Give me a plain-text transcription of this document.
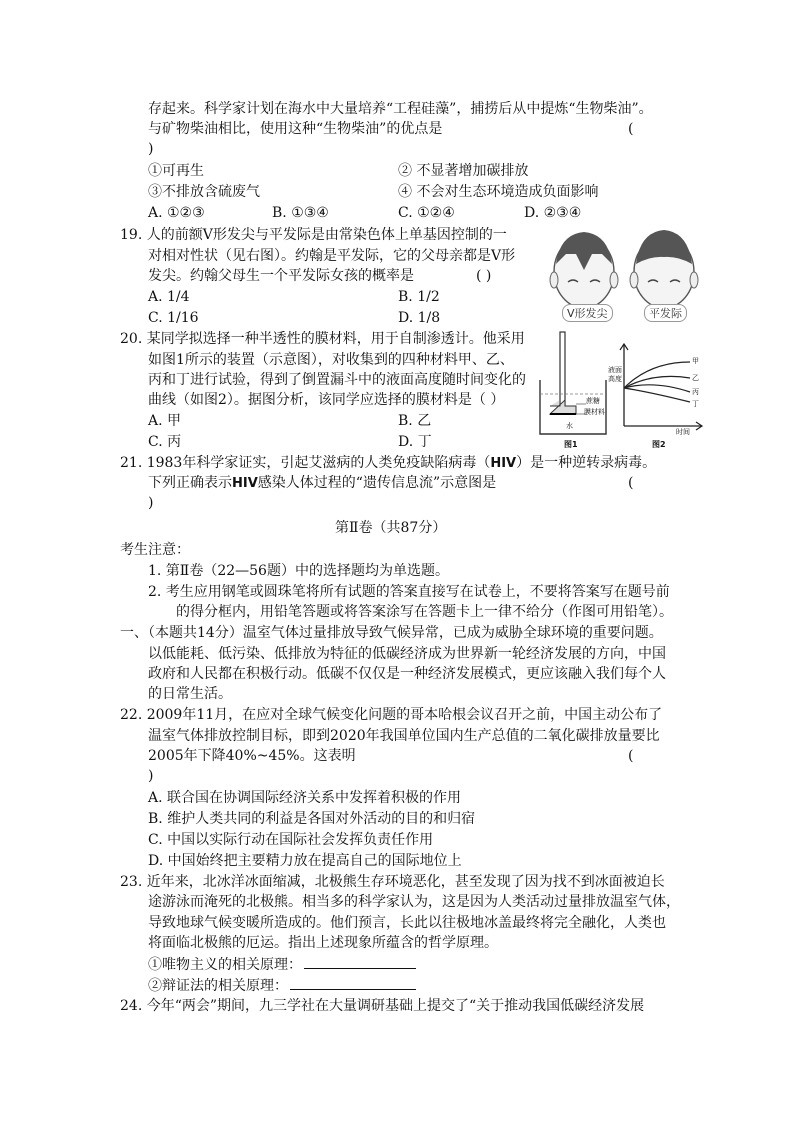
存起来。科学家计划在海水中大量培养“工程硅藻”，捕捞后从中提炼“生物柴油”。
与矿物柴油相比，使用这种“生物柴油”的优点是	(
)
①可再生	② 不显著增加碳排放
③不排放含硫废气	④ 不会对生态环境造成负面影响
A. ①②③	B. ①③④	C. ①②④	D. ②③④
19. 人的前额V形发尖与平发际是由常染色体上单基因控制的一
对相对性状（见右图）。约翰是平发际，它的父母亲都是V形
发尖。约翰父母生一个平发际女孩的概率是	( )
A. 1/4	B. 1/2
C. 1/16	D. 1/8	V形发尖	平发际
20. 某同学拟选择一种半透性的膜材料，用于自制渗透计。他采用
如图1所示的装置（示意图），对收集到的四种材料甲、乙、
丙和丁进行试验，得到了倒置漏斗中的液面高度随时间变化的
曲线（如图2）。据图分析，该同学应选择的膜材料是（ ）
A. 甲	B. 乙
C. 丙	D. 丁
蔗糖
膜材料
水
图1
液面
高度
甲
乙
丙
丁
时间
图2
21. 1983年科学家证实，引起艾滋病的人类免疫缺陷病毒（HIV）是一种逆转录病毒。
下列正确表示HIV感染人体过程的“遗传信息流”示意图是	(
)
第Ⅱ卷（共87分）
考生注意：
1. 第Ⅱ卷（22—56题）中的选择题均为单选题。
2. 考生应用钢笔或圆珠笔将所有试题的答案直接写在试卷上，不要将答案写在题号前
的得分框内，用铅笔答题或将答案涂写在答题卡上一律不给分（作图可用铅笔）。
一、（本题共14分）温室气体过量排放导致气候异常，已成为威胁全球环境的重要问题。
以低能耗、低污染、低排放为特征的低碳经济成为世界新一轮经济发展的方向，中国
政府和人民都在积极行动。低碳不仅仅是一种经济发展模式，更应该融入我们每个人
的日常生活。
22. 2009年11月，在应对全球气候变化问题的哥本哈根会议召开之前，中国主动公布了
温室气体排放控制目标，即到2020年我国单位国内生产总值的二氧化碳排放量要比
2005年下降40%~45%。这表明	(
)
A. 联合国在协调国际经济关系中发挥着积极的作用
B. 维护人类共同的利益是各国对外活动的目的和归宿
C. 中国以实际行动在国际社会发挥负责任作用
D. 中国始终把主要精力放在提高自己的国际地位上
23. 近年来，北冰洋冰面缩减，北极熊生存环境恶化，甚至发现了因为找不到冰面被迫长
途游泳而淹死的北极熊。相当多的科学家认为，这是因为人类活动过量排放温室气体，
导致地球气候变暖所造成的。他们预言，长此以往极地冰盖最终将完全融化，人类也
将面临北极熊的厄运。指出上述现象所蕴含的哲学原理。
①唯物主义的相关原理：
②辩证法的相关原理：
24. 今年“两会”期间，九三学社在大量调研基础上提交了“关于推动我国低碳经济发展
